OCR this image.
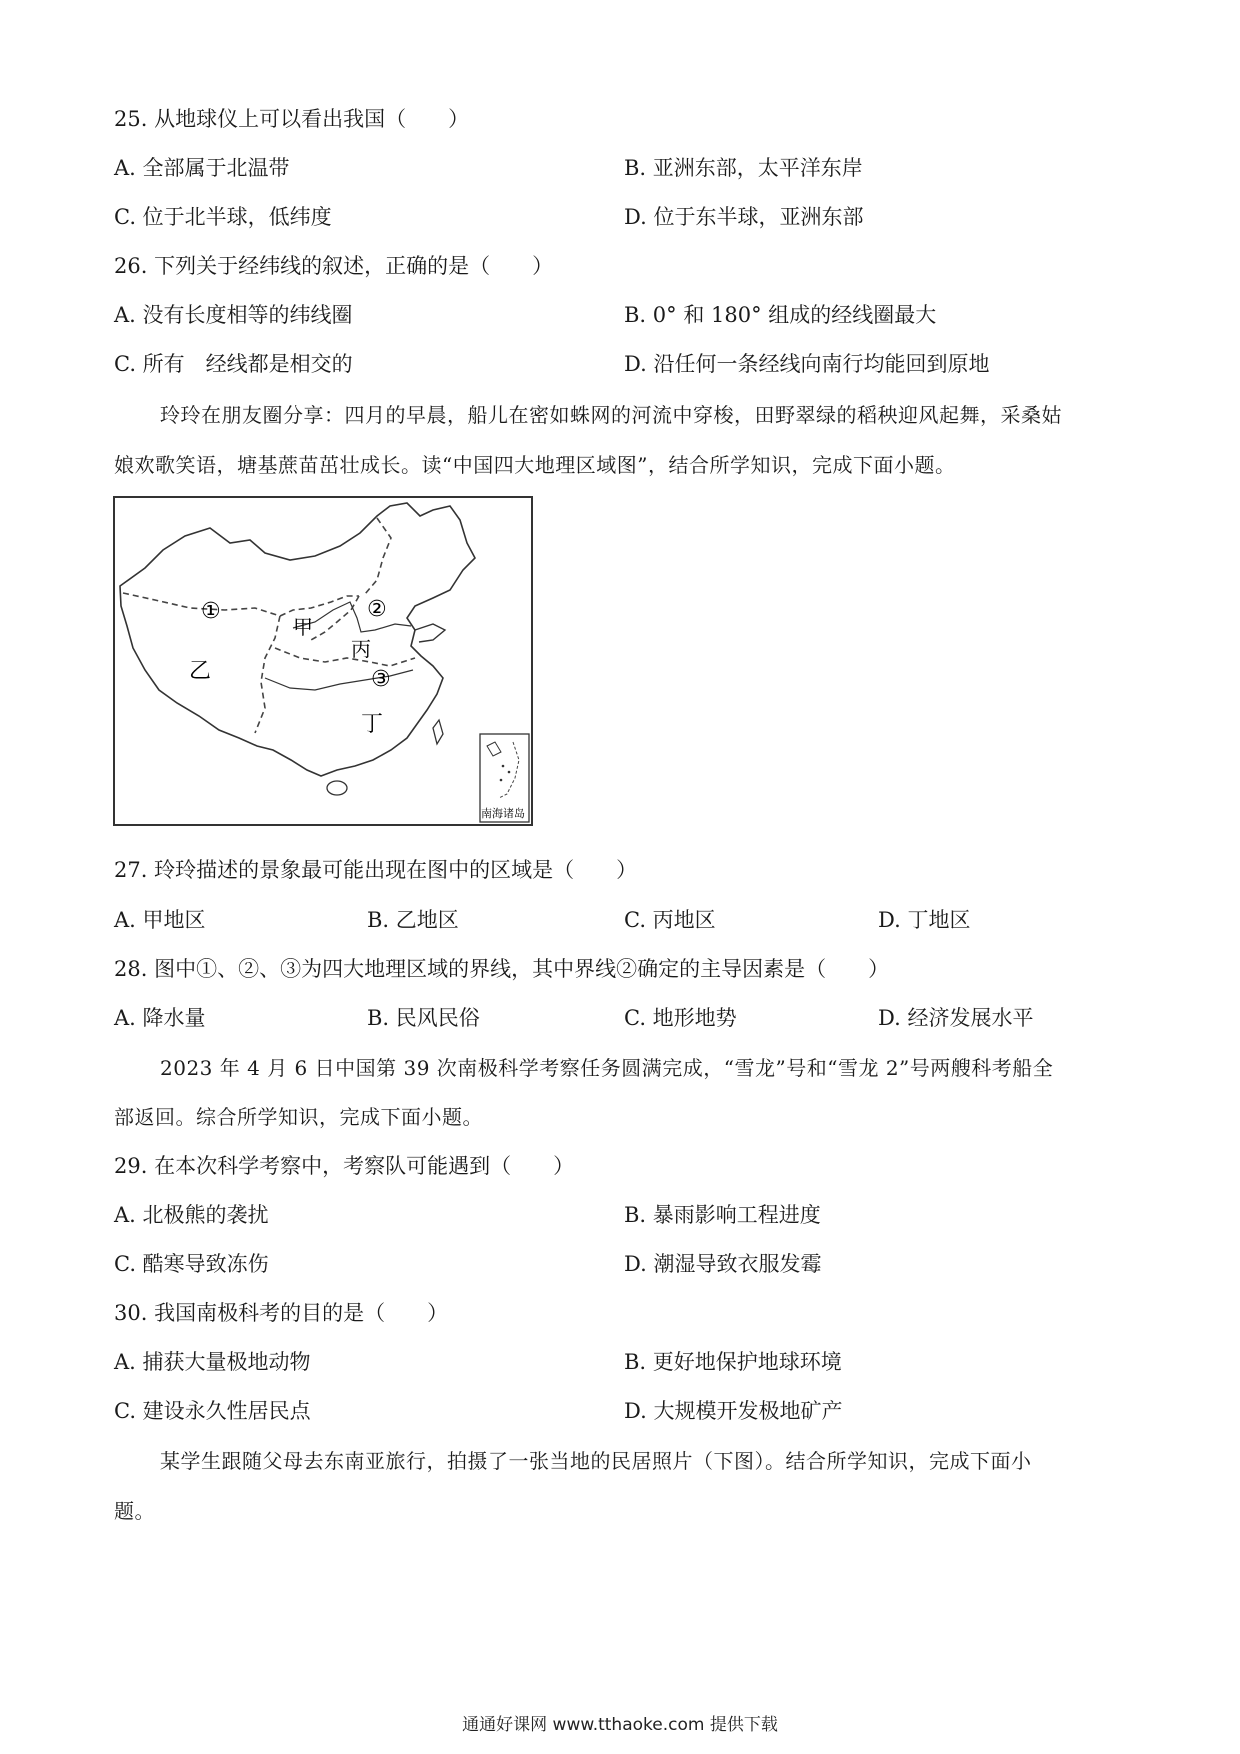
25. 从地球仪上可以看出我国（　　）
A. 全部属于北温带	B. 亚洲东部，太平洋东岸
C. 位于北半球，低纬度	D. 位于东半球，亚洲东部
26. 下列关于经纬线的叙述，正确的是（　　）
A. 没有长度相等的纬线圈	B. 0° 和 180° 组成的经线圈最大
C. 所有　经线都是相交的	D. 沿任何一条经线向南行均能回到原地
玲玲在朋友圈分享：四月的早晨，船儿在密如蛛网的河流中穿梭，田野翠绿的稻秧迎风起舞，采桑姑
娘欢歌笑语，塘基蔗苗茁壮成长。读“中国四大地理区域图”，结合所学知识，完成下面小题。
①	②
③
甲
乙
丙
丁
南海诸岛
27. 玲玲描述的景象最可能出现在图中的区域是（　　）
A. 甲地区	B. 乙地区	C. 丙地区	D. 丁地区
28. 图中①、②、③为四大地理区域的界线，其中界线②确定的主导因素是（　　）
A. 降水量	B. 民风民俗	C. 地形地势	D. 经济发展水平
2023 年 4 月 6 日中国第 39 次南极科学考察任务圆满完成，“雪龙”号和“雪龙 2”号两艘科考船全
部返回。综合所学知识，完成下面小题。
29. 在本次科学考察中，考察队可能遇到（　　）
A. 北极熊的袭扰	B. 暴雨影响工程进度
C. 酷寒导致冻伤	D. 潮湿导致衣服发霉
30. 我国南极科考的目的是（　　）
A. 捕获大量极地动物	B. 更好地保护地球环境
C. 建设永久性居民点	D. 大规模开发极地矿产
某学生跟随父母去东南亚旅行，拍摄了一张当地的民居照片（下图）。结合所学知识，完成下面小
题。
通通好课网 www.tthaoke.com 提供下载
